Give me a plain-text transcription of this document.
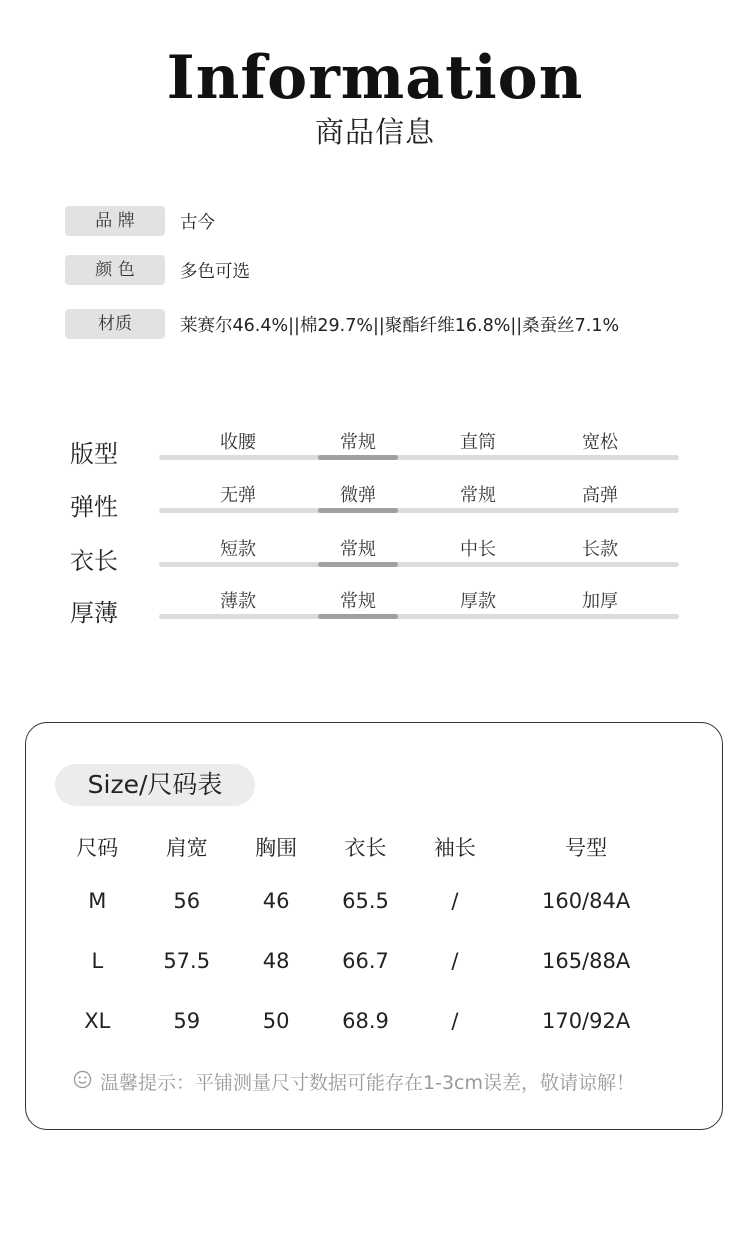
Information
商品信息
品 牌	古今
颜 色	多色可选
材质	莱赛尔46.4%||棉29.7%||聚酯纤维16.8%||桑蚕丝7.1%
版型	收腰	常规	直筒	宽松
弹性	无弹	微弹	常规	高弹
衣长	短款	常规	中长	长款
厚薄	薄款	常规	厚款	加厚
Size/尺码表
尺码	肩宽	胸围	衣长	袖长	号型
M	56	46	65.5	/	160/84A
L	57.5	48	66.7	/	165/88A
XL	59	50	68.9	/	170/92A
温馨提示：平铺测量尺寸数据可能存在1-3cm误差，敬请谅解！
